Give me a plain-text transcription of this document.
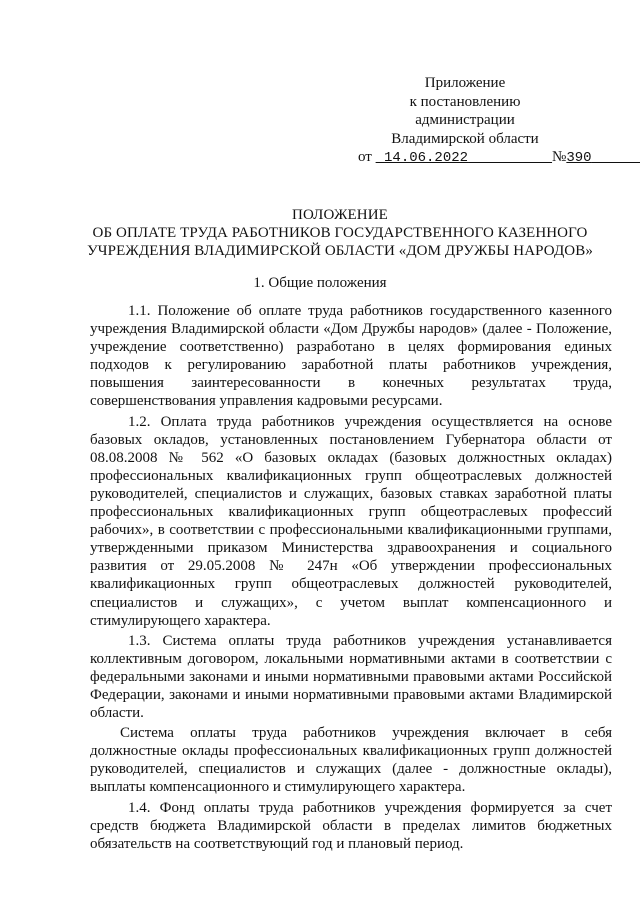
Приложение
к постановлению
администрации
Владимирской области
от 14.06.2022	№390
ПОЛОЖЕНИЕ
ОБ ОПЛАТЕ ТРУДА РАБОТНИКОВ ГОСУДАРСТВЕННОГО КАЗЕННОГО
УЧРЕЖДЕНИЯ ВЛАДИМИРСКОЙ ОБЛАСТИ «ДОМ ДРУЖБЫ НАРОДОВ»
1. Общие положения

1.1. Положение об оплате труда работников государственного казенного учреждения Владимирской области «Дом Дружбы народов» (далее - Положение, учреждение соответственно) разработано в целях формирования единых подходов к регулированию заработной платы работников учреждения, повышения заинтересованности в конечных результатах труда, совершенствования управления кадровыми ресурсами.

1.2. Оплата труда работников учреждения осуществляется на основе базовых окладов, установленных постановлением Губернатора области от 08.08.2008 № 562 «О базовых окладах (базовых должностных окладах) профессиональных квалификационных групп общеотраслевых должностей руководителей, специалистов и служащих, базовых ставках заработной платы профессиональных квалификационных групп общеотраслевых профессий рабочих», в соответствии с профессиональными квалификационными группами, утвержденными приказом Министерства здравоохранения и социального развития от 29.05.2008 № 247н «Об утверждении профессиональных квалификационных групп общеотраслевых должностей руководителей, специалистов и служащих», с учетом выплат компенсационного и стимулирующего характера.

1.3. Система оплаты труда работников учреждения устанавливается коллективным договором, локальными нормативными актами в соответствии с федеральными законами и иными нормативными правовыми актами Российской Федерации, законами и иными нормативными правовыми актами Владимирской области.

Система оплаты труда работников учреждения включает в себя должностные оклады профессиональных квалификационных групп должностей руководителей, специалистов и служащих (далее - должностные оклады), выплаты компенсационного и стимулирующего характера.

1.4. Фонд оплаты труда работников учреждения формируется за счет средств бюджета Владимирской области в пределах лимитов бюджетных обязательств на соответствующий год и плановый период.
